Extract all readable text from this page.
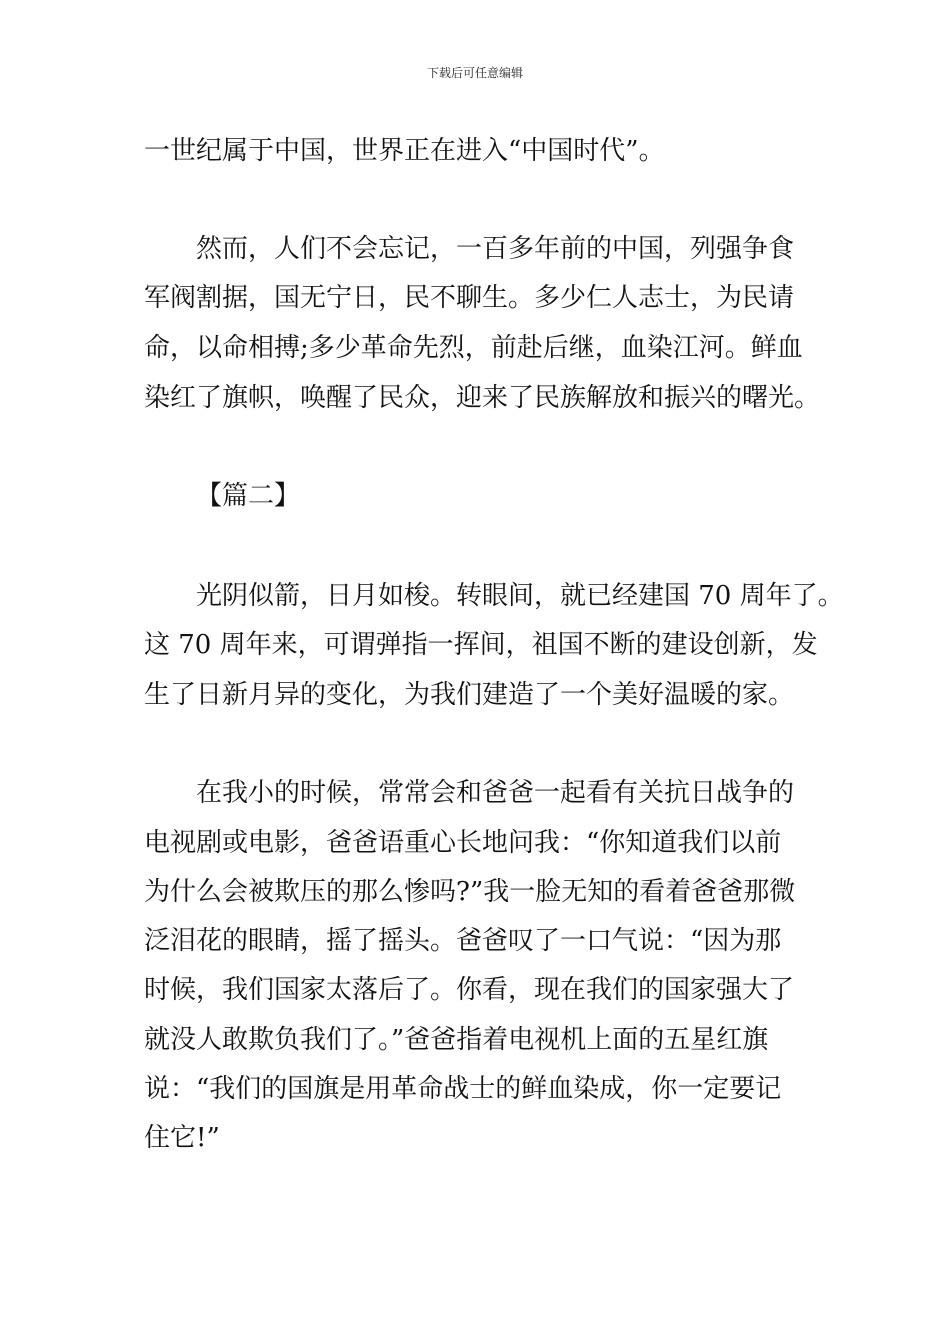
下载后可任意编辑
一世纪属于中国，世界正在进入“中国时代”。
然而，人们不会忘记，一百多年前的中国，列强争食
军阀割据，国无宁日，民不聊生。多少仁人志士，为民请
命，以命相搏;多少革命先烈，前赴后继，血染江河。鲜血
染红了旗帜，唤醒了民众，迎来了民族解放和振兴的曙光。
【篇二】
光阴似箭，日月如梭。转眼间，就已经建国 70 周年了。
这 70 周年来，可谓弹指一挥间，祖国不断的建设创新，发
生了日新月异的变化，为我们建造了一个美好温暖的家。
在我小的时候，常常会和爸爸一起看有关抗日战争的
电视剧或电影，爸爸语重心长地问我：“你知道我们以前
为什么会被欺压的那么惨吗?”我一脸无知的看着爸爸那微
泛泪花的眼睛，摇了摇头。爸爸叹了一口气说：“因为那
时候，我们国家太落后了。你看，现在我们的国家强大了
就没人敢欺负我们了。”爸爸指着电视机上面的五星红旗
说：“我们的国旗是用革命战士的鲜血染成，你一定要记
住它!”
